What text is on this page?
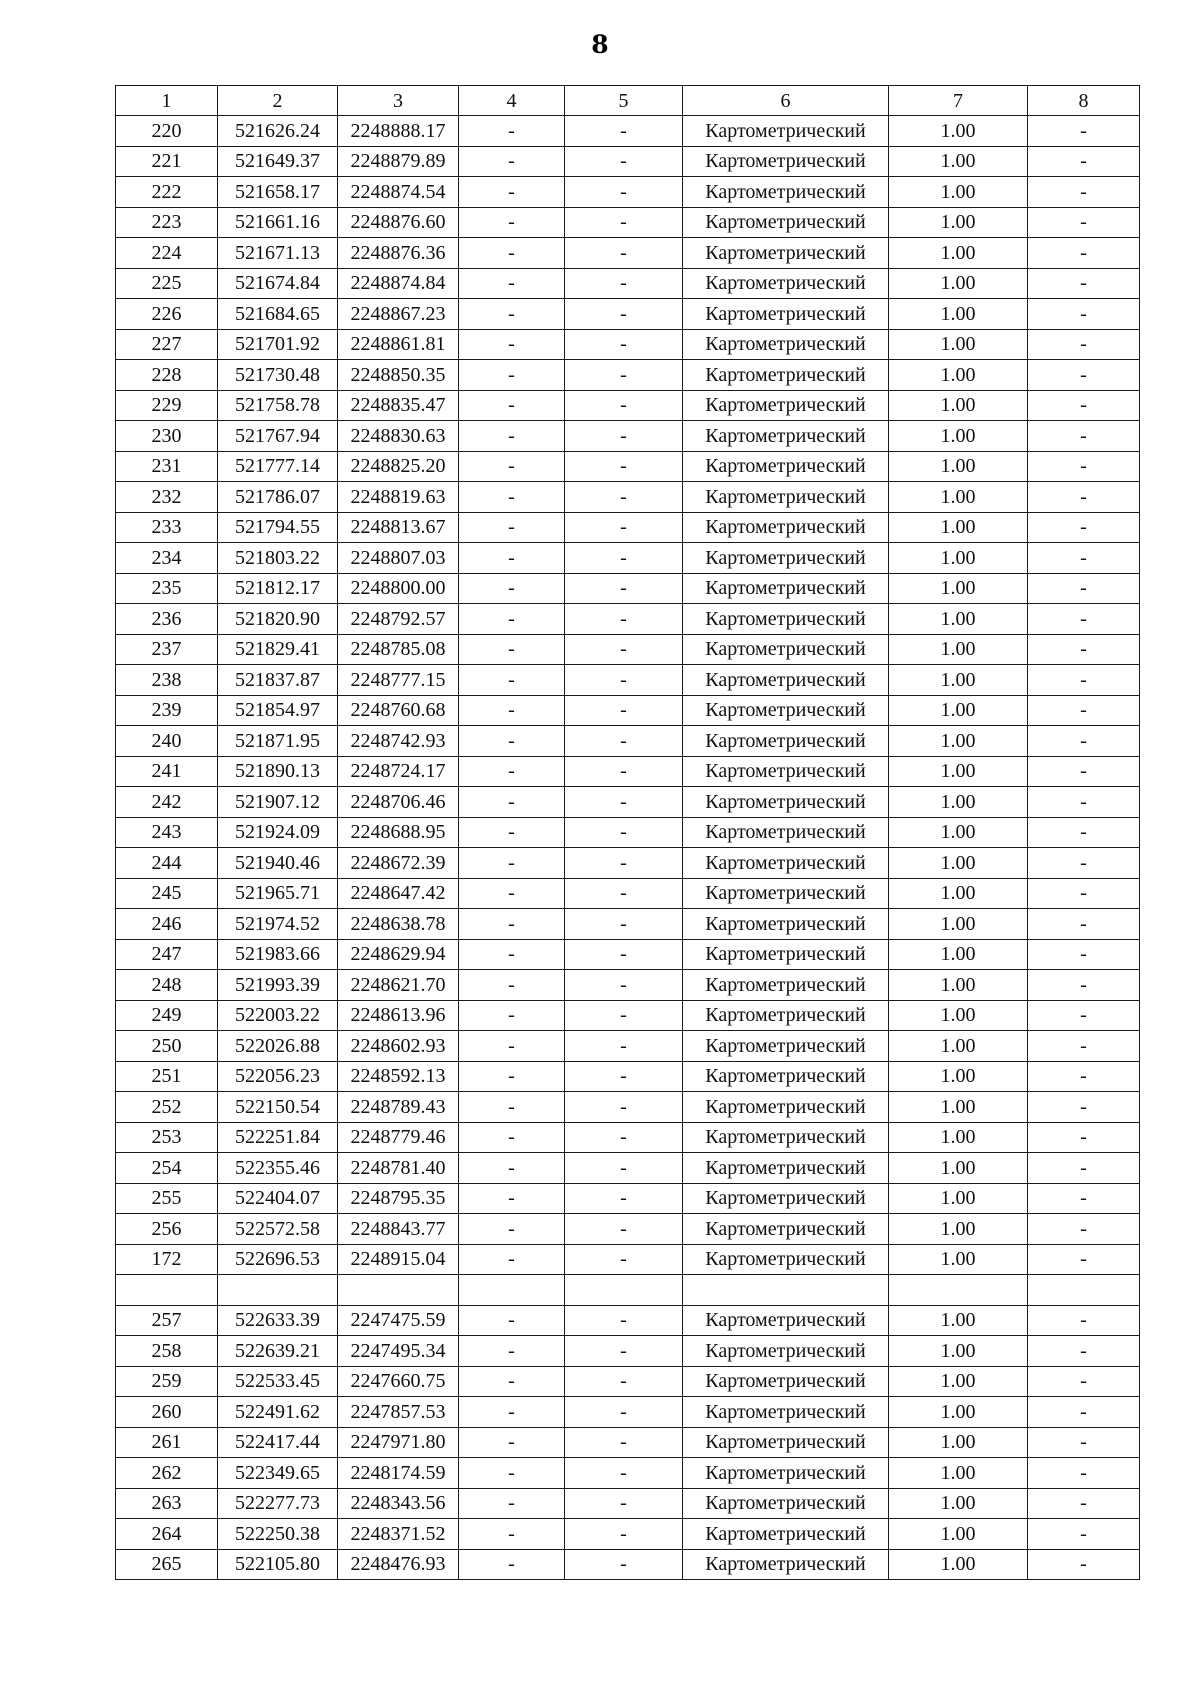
8
1	2	3	4	5	6	7	8
220	521626.24	2248888.17	-	-	Картометрический	1.00	-
221	521649.37	2248879.89	-	-	Картометрический	1.00	-
222	521658.17	2248874.54	-	-	Картометрический	1.00	-
223	521661.16	2248876.60	-	-	Картометрический	1.00	-
224	521671.13	2248876.36	-	-	Картометрический	1.00	-
225	521674.84	2248874.84	-	-	Картометрический	1.00	-
226	521684.65	2248867.23	-	-	Картометрический	1.00	-
227	521701.92	2248861.81	-	-	Картометрический	1.00	-
228	521730.48	2248850.35	-	-	Картометрический	1.00	-
229	521758.78	2248835.47	-	-	Картометрический	1.00	-
230	521767.94	2248830.63	-	-	Картометрический	1.00	-
231	521777.14	2248825.20	-	-	Картометрический	1.00	-
232	521786.07	2248819.63	-	-	Картометрический	1.00	-
233	521794.55	2248813.67	-	-	Картометрический	1.00	-
234	521803.22	2248807.03	-	-	Картометрический	1.00	-
235	521812.17	2248800.00	-	-	Картометрический	1.00	-
236	521820.90	2248792.57	-	-	Картометрический	1.00	-
237	521829.41	2248785.08	-	-	Картометрический	1.00	-
238	521837.87	2248777.15	-	-	Картометрический	1.00	-
239	521854.97	2248760.68	-	-	Картометрический	1.00	-
240	521871.95	2248742.93	-	-	Картометрический	1.00	-
241	521890.13	2248724.17	-	-	Картометрический	1.00	-
242	521907.12	2248706.46	-	-	Картометрический	1.00	-
243	521924.09	2248688.95	-	-	Картометрический	1.00	-
244	521940.46	2248672.39	-	-	Картометрический	1.00	-
245	521965.71	2248647.42	-	-	Картометрический	1.00	-
246	521974.52	2248638.78	-	-	Картометрический	1.00	-
247	521983.66	2248629.94	-	-	Картометрический	1.00	-
248	521993.39	2248621.70	-	-	Картометрический	1.00	-
249	522003.22	2248613.96	-	-	Картометрический	1.00	-
250	522026.88	2248602.93	-	-	Картометрический	1.00	-
251	522056.23	2248592.13	-	-	Картометрический	1.00	-
252	522150.54	2248789.43	-	-	Картометрический	1.00	-
253	522251.84	2248779.46	-	-	Картометрический	1.00	-
254	522355.46	2248781.40	-	-	Картометрический	1.00	-
255	522404.07	2248795.35	-	-	Картометрический	1.00	-
256	522572.58	2248843.77	-	-	Картометрический	1.00	-
172	522696.53	2248915.04	-	-	Картометрический	1.00	-

257	522633.39	2247475.59	-	-	Картометрический	1.00	-
258	522639.21	2247495.34	-	-	Картометрический	1.00	-
259	522533.45	2247660.75	-	-	Картометрический	1.00	-
260	522491.62	2247857.53	-	-	Картометрический	1.00	-
261	522417.44	2247971.80	-	-	Картометрический	1.00	-
262	522349.65	2248174.59	-	-	Картометрический	1.00	-
263	522277.73	2248343.56	-	-	Картометрический	1.00	-
264	522250.38	2248371.52	-	-	Картометрический	1.00	-
265	522105.80	2248476.93	-	-	Картометрический	1.00	-
